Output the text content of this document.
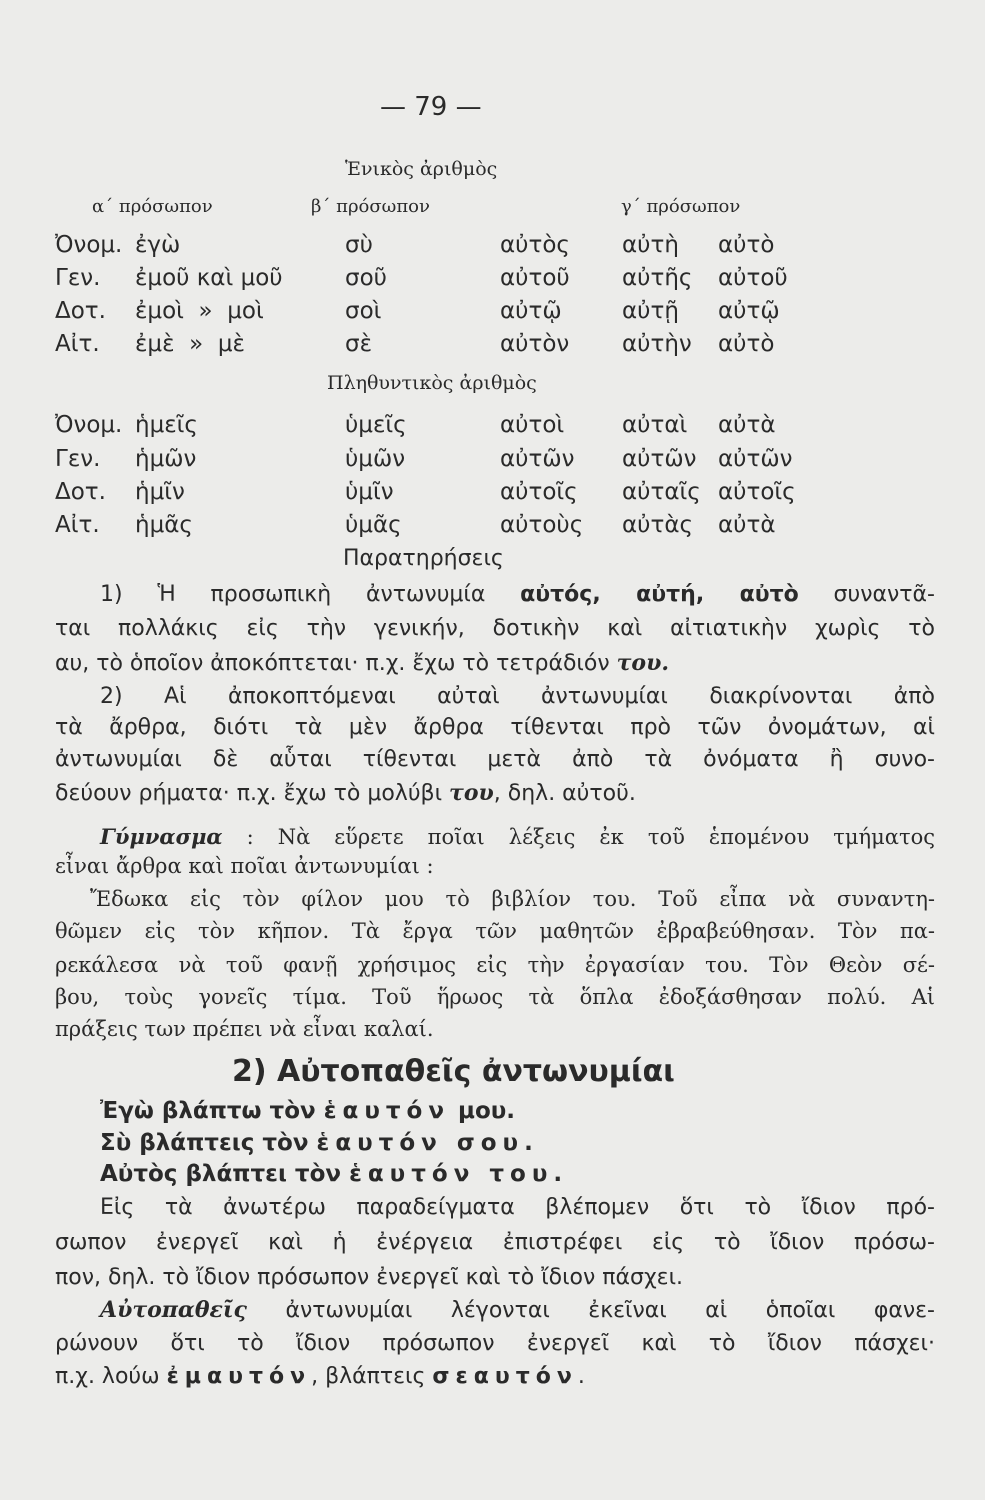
— 79 —
Ἑνικὸς ἀριθμὸς
α΄ πρόσωπον	β΄ πρόσωπον	γ΄ πρόσωπον
Ὀνομ. ἐγὼ	σὺ	αὐτὸς αὐτὴ αὐτὸ
Γεν. ἐμοῦ καὶ μοῦ	σοῦ	αὐτοῦ αὐτῆς αὐτοῦ
Δοτ. ἐμοὶ  »  μοὶ	σοὶ	αὐτῷ	αὐτῇ αὐτῷ
Αἰτ. ἐμὲ  »  μὲ	σὲ	αὐτὸν αὐτὴν αὐτὸ
Πληθυντικὸς ἀριθμὸς
Ὀνομ. ἡμεῖς	ὑμεῖς	αὐτοὶ	αὐταὶ αὐτὰ
Γεν. ἡμῶν	ὑμῶν	αὐτῶν αὐτῶν αὐτῶν
Δοτ. ἡμῖν	ὑμῖν	αὐτοῖς αὐταῖς αὐτοῖς
Αἰτ. ἡμᾶς	ὑμᾶς	αὐτοὺς αὐτὰς αὐτὰ
Παρατηρήσεις
1) Ἡ προσωπικὴ ἀντωνυμία αὐτός, αὐτή, αὐτὸ συναντᾶ-
ται πολλάκις εἰς τὴν γενικήν, δοτικὴν καὶ αἰτιατικὴν χωρὶς τὸ
αυ, τὸ ὁποῖον ἀποκόπτεται· π.χ. ἔχω τὸ τετράδιόν του.
2) Αἱ ἀποκοπτόμεναι αὐταὶ ἀντωνυμίαι διακρίνονται ἀπὸ
τὰ ἄρθρα, διότι τὰ μὲν ἄρθρα τίθενται πρὸ τῶν ὀνομάτων, αἱ
ἀντωνυμίαι δὲ αὗται τίθενται μετὰ ἀπὸ τὰ ὀνόματα ἢ συνο-
δεύουν ρήματα· π.χ. ἔχω τὸ μολύβι του, δηλ. αὐτοῦ.
Γύμνασμα : Νὰ εὕρετε ποῖαι λέξεις ἐκ τοῦ ἑπομένου τμήματος
εἶναι ἄρθρα καὶ ποῖαι ἀντωνυμίαι :
Ἔδωκα εἰς τὸν φίλον μου τὸ βιβλίον του. Τοῦ εἶπα νὰ συναντη-
θῶμεν εἰς τὸν κῆπον. Τὰ ἔργα τῶν μαθητῶν ἐβραβεύθησαν. Τὸν πα-
ρεκάλεσα νὰ τοῦ φανῇ χρήσιμος εἰς τὴν ἐργασίαν του. Τὸν Θεὸν σέ-
βου, τοὺς γονεῖς τίμα. Τοῦ ἥρωος τὰ ὅπλα ἐδοξάσθησαν πολύ. Αἱ
πράξεις των πρέπει νὰ εἶναι καλαί.
2) Αὐτοπαθεῖς ἀντωνυμίαι
Ἐγὼ βλάπτω τὸν ἑαυτόν μου.
Σὺ βλάπτεις τὸν ἑαυτόν σου.
Αὐτὸς βλάπτει τὸν ἑαυτόν του.
Εἰς τὰ ἀνωτέρω παραδείγματα βλέπομεν ὅτι τὸ ἴδιον πρό-
σωπον ἐνεργεῖ καὶ ἡ ἐνέργεια ἐπιστρέφει εἰς τὸ ἴδιον πρόσω-
πον, δηλ. τὸ ἴδιον πρόσωπον ἐνεργεῖ καὶ τὸ ἴδιον πάσχει.
Αὐτοπαθεῖς ἀντωνυμίαι λέγονται ἐκεῖναι αἱ ὁποῖαι φανε-
ρώνουν ὅτι τὸ ἴδιον πρόσωπον ἐνεργεῖ καὶ τὸ ἴδιον πάσχει·
π.χ. λούω ἐμαυτόν, βλάπτεις σεαυτόν.
